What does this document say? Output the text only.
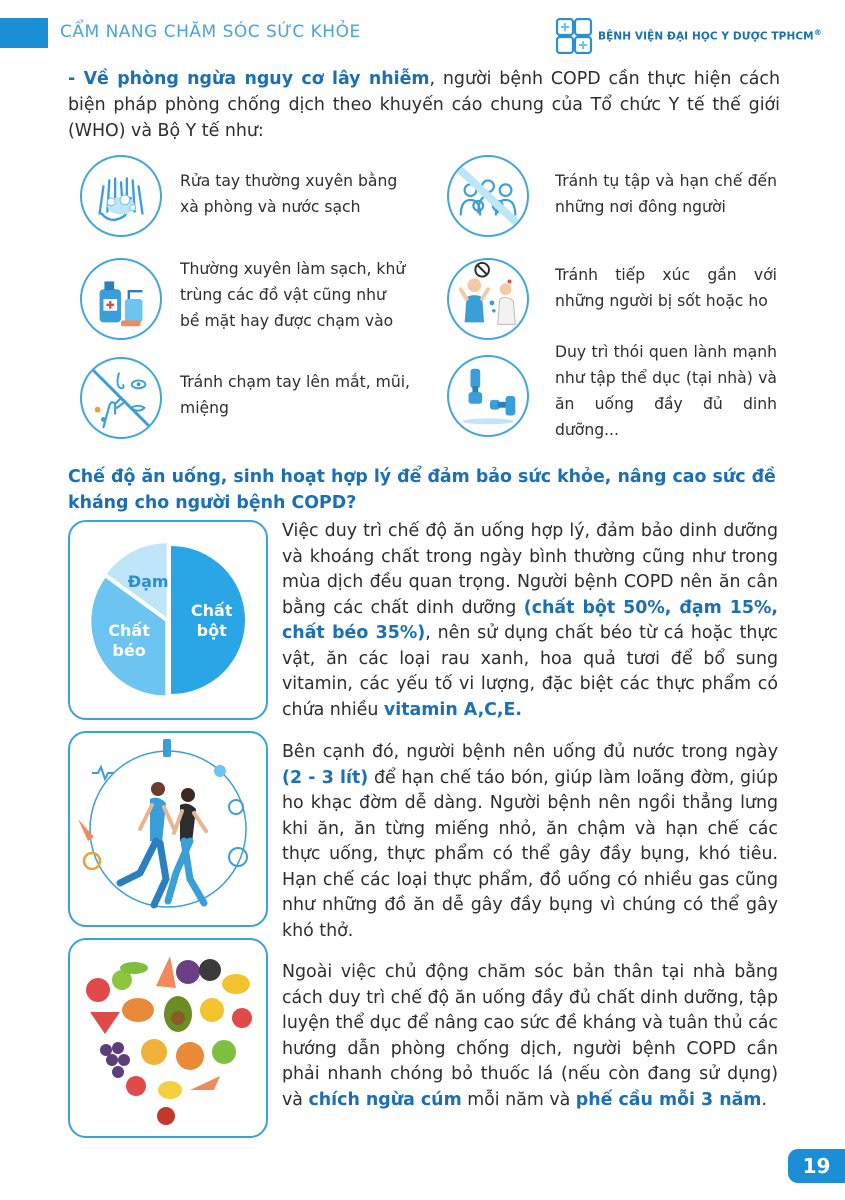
CẨM NANG CHĂM SÓC SỨC KHỎE	BỆNH VIỆN ĐẠI HỌC Y DƯỢC TPHCM®
- Về phòng ngừa nguy cơ lây nhiễm, người bệnh COPD cần thực hiện cách biện pháp phòng chống dịch theo khuyến cáo chung của Tổ chức Y tế thế giới (WHO) và Bộ Y tế như:
Rửa tay thường xuyên bằng xà phòng và nước sạch
Thường xuyên làm sạch, khử trùng các đồ vật cũng như bề mặt hay được chạm vào
Tránh chạm tay lên mắt, mũi, miệng
Tránh tụ tập và hạn chế đến những nơi đông người
Tránh tiếp xúc gần với những người bị sốt hoặc ho
Duy trì thói quen lành mạnh như tập thể dục (tại nhà) và ăn uống đầy đủ dinh dưỡng...
Chế độ ăn uống, sinh hoạt hợp lý để đảm bảo sức khỏe, nâng cao sức đề kháng cho người bệnh COPD?
Chất bột
Chất béo
Đạm
Việc duy trì chế độ ăn uống hợp lý, đảm bảo dinh dưỡng và khoáng chất trong ngày bình thường cũng như trong mùa dịch đều quan trọng. Người bệnh COPD nên ăn cân bằng các chất dinh dưỡng (chất bột 50%, đạm 15%, chất béo 35%), nên sử dụng chất béo từ cá hoặc thực vật, ăn các loại rau xanh, hoa quả tươi để bổ sung vitamin, các yếu tố vi lượng, đặc biệt các thực phẩm có chứa nhiều vitamin A,C,E.
Bên cạnh đó, người bệnh nên uống đủ nước trong ngày (2 - 3 lít) để hạn chế táo bón, giúp làm loãng đờm, giúp ho khạc đờm dễ dàng. Người bệnh nên ngồi thẳng lưng khi ăn, ăn từng miếng nhỏ, ăn chậm và hạn chế các thực uống, thực phẩm có thể gây đầy bụng, khó tiêu. Hạn chế các loại thực phẩm, đồ uống có nhiều gas cũng như những đồ ăn dễ gây đầy bụng vì chúng có thể gây khó thở.
Ngoài việc chủ động chăm sóc bản thân tại nhà bằng cách duy trì chế độ ăn uống đầy đủ chất dinh dưỡng, tập luyện thể dục để nâng cao sức đề kháng và tuân thủ các hướng dẫn phòng chống dịch, người bệnh COPD cần phải nhanh chóng bỏ thuốc lá (nếu còn đang sử dụng) và chích ngừa cúm mỗi năm và phế cầu mỗi 3 năm.
19
